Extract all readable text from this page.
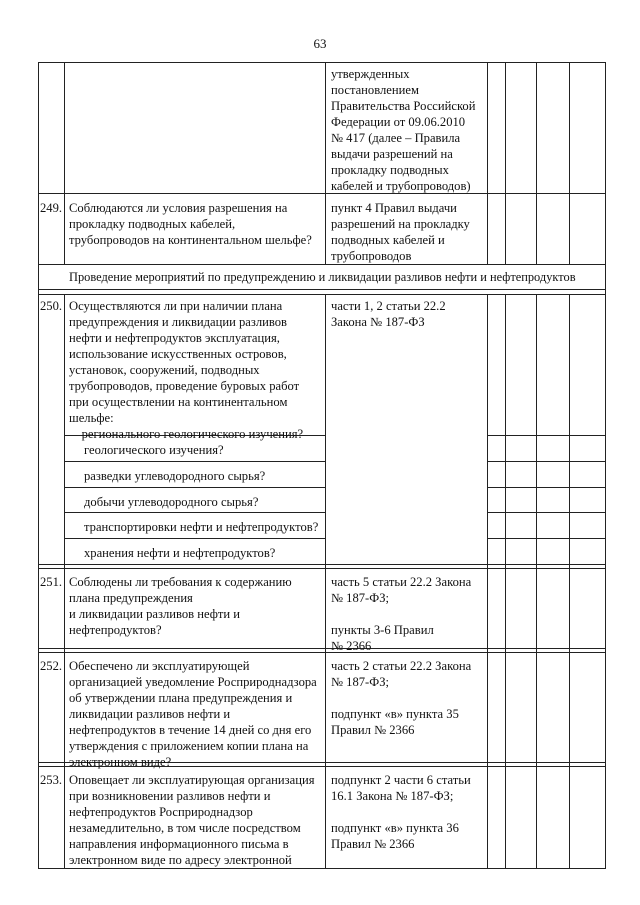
63
утвержденных
постановлением
Правительства Российской
Федерации от 09.06.2010
№ 417 (далее – Правила
выдачи разрешений на
прокладку подводных
кабелей и трубопроводов)
249. Соблюдаются ли условия разрешения на
прокладку подводных кабелей,
трубопроводов на континентальном шельфе?
пункт 4 Правил выдачи
разрешений на прокладку
подводных кабелей и
трубопроводов
Проведение мероприятий по предупреждению и ликвидации разливов нефти и нефтепродуктов
250. Осуществляются ли при наличии плана
предупреждения и ликвидации разливов
нефти и нефтепродуктов эксплуатация,
использование искусственных островов,
установок, сооружений, подводных
трубопроводов, проведение буровых работ
при осуществлении на континентальном
шельфе:
регионального геологического изучения?
части 1, 2 статьи 22.2
Закона № 187-ФЗ
геологического изучения?
разведки углеводородного сырья?
добычи углеводородного сырья?
транспортировки нефти и нефтепродуктов?
хранения нефти и нефтепродуктов?
251. Соблюдены ли требования к содержанию
плана предупреждения
и ликвидации разливов нефти и
нефтепродуктов?
часть 5 статьи 22.2 Закона
№ 187-ФЗ;

пункты 3-6 Правил
№ 2366
252. Обеспечено ли эксплуатирующей
организацией уведомление Росприроднадзора
об утверждении плана предупреждения и
ликвидации разливов нефти и
нефтепродуктов в течение 14 дней со дня его
утверждения с приложением копии плана на
электронном виде?
часть 2 статьи 22.2 Закона
№ 187-ФЗ;

подпункт «в» пункта 35
Правил № 2366
253. Оповещает ли эксплуатирующая организация
при возникновении разливов нефти и
нефтепродуктов Росприроднадзор
незамедлительно, в том числе посредством
направления информационного письма в
электронном виде по адресу электронной
подпункт 2 части 6 статьи
16.1 Закона № 187-ФЗ;

подпункт «в» пункта 36
Правил № 2366
